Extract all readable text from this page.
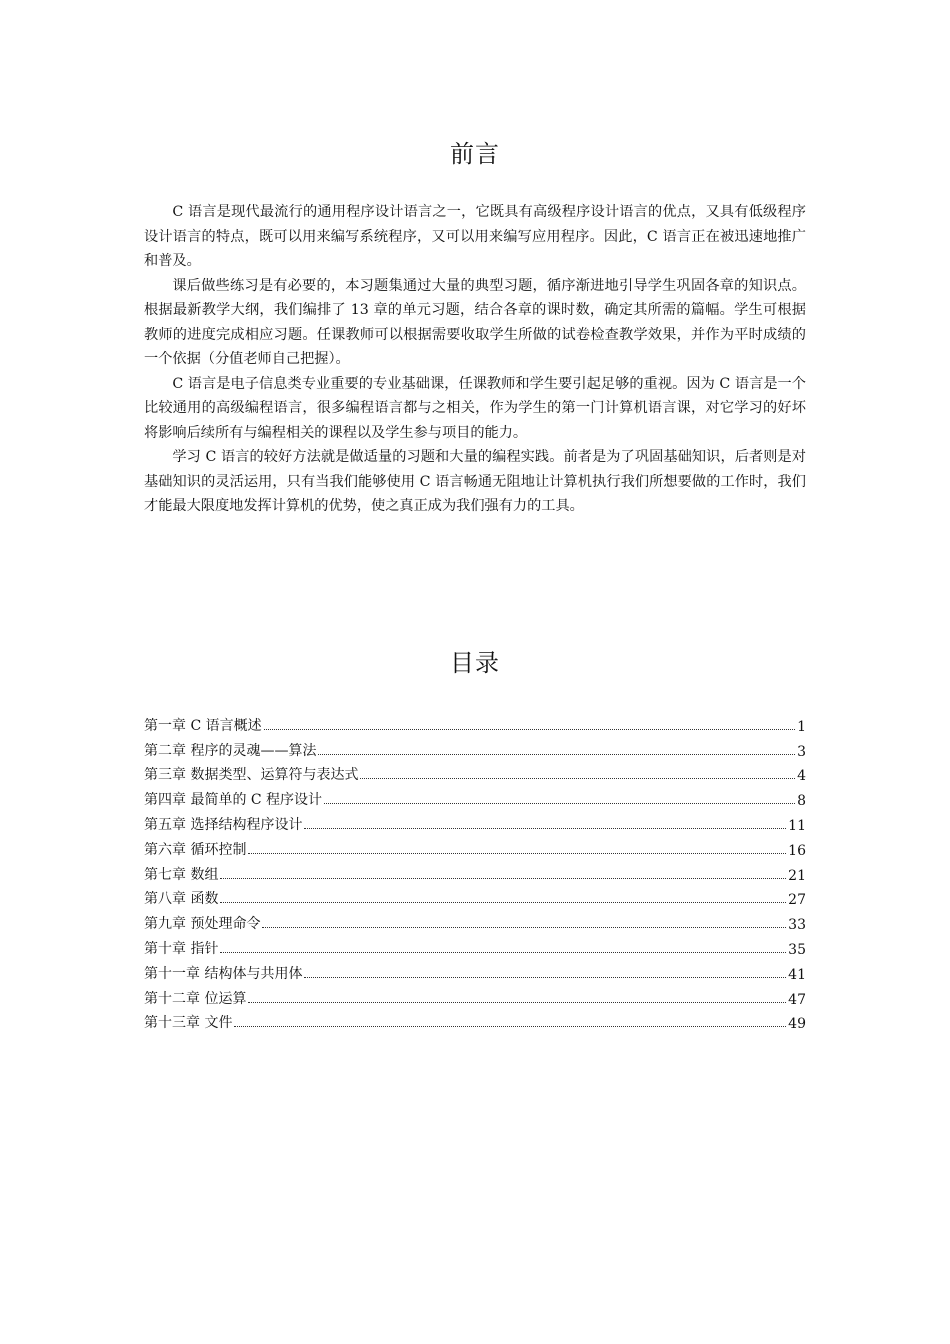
前言

C 语言是现代最流行的通用程序设计语言之一，它既具有高级程序设计语言的优点，又具有低级程序设计语言的特点，既可以用来编写系统程序，又可以用来编写应用程序。因此，C 语言正在被迅速地推广和普及。

课后做些练习是有必要的，本习题集通过大量的典型习题，循序渐进地引导学生巩固各章的知识点。根据最新教学大纲，我们编排了 13 章的单元习题，结合各章的课时数，确定其所需的篇幅。学生可根据教师的进度完成相应习题。任课教师可以根据需要收取学生所做的试卷检查教学效果，并作为平时成绩的一个依据（分值老师自己把握）。

C 语言是电子信息类专业重要的专业基础课，任课教师和学生要引起足够的重视。因为 C 语言是一个比较通用的高级编程语言，很多编程语言都与之相关，作为学生的第一门计算机语言课，对它学习的好坏将影响后续所有与编程相关的课程以及学生参与项目的能力。

学习 C 语言的较好方法就是做适量的习题和大量的编程实践。前者是为了巩固基础知识，后者则是对基础知识的灵活运用，只有当我们能够使用 C 语言畅通无阻地让计算机执行我们所想要做的工作时，我们才能最大限度地发挥计算机的优势，使之真正成为我们强有力的工具。

目录
第一章 C 语言概述	1
第二章 程序的灵魂——算法	3
第三章 数据类型、运算符与表达式	4
第四章 最简单的 C 程序设计	8
第五章 选择结构程序设计	11
第六章 循环控制	16
第七章 数组	21
第八章 函数	27
第九章 预处理命令	33
第十章 指针	35
第十一章 结构体与共用体	41
第十二章 位运算	47
第十三章 文件	49
